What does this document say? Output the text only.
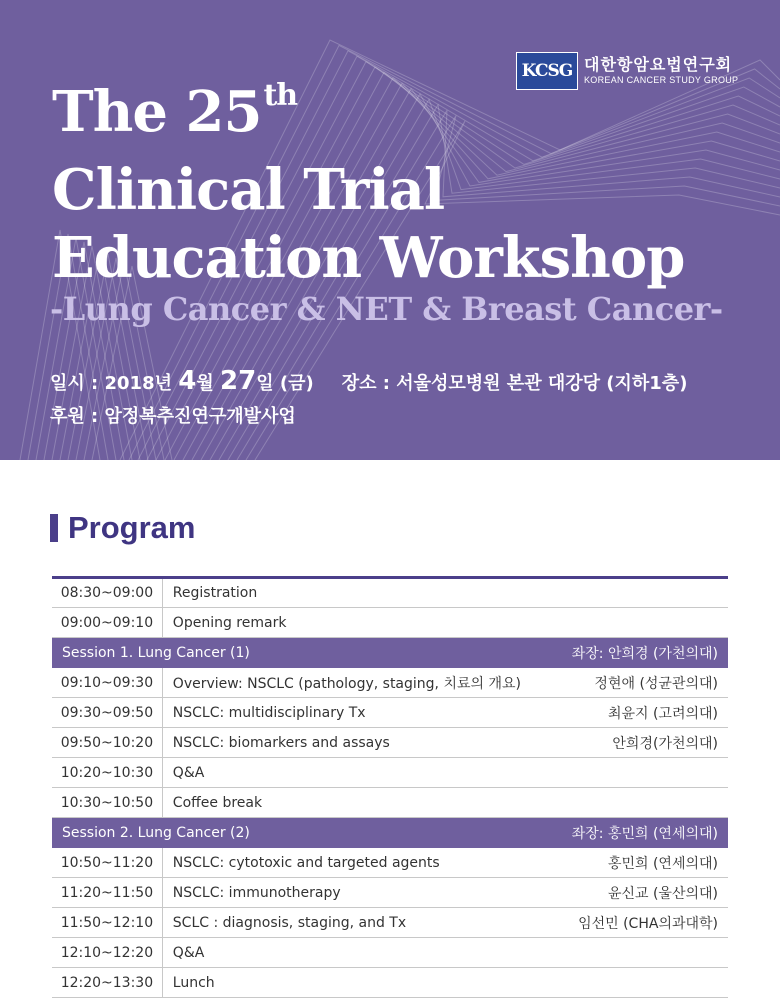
KCSG 대한항암요법연구회
KOREAN CANCER STUDY GROUP
The 25th
Clinical Trial
Education Workshop
-Lung Cancer & NET & Breast Cancer-
일시 : 2018년 4월 27일 (금) 장소 : 서울성모병원 본관 대강당 (지하1층)
후원 : 암정복추진연구개발사업
Program
08:30~09:00	Registration	
09:00~09:10	Opening remark	
Session 1. Lung Cancer (1)		좌장: 안희경 (가천의대)
09:10~09:30	Overview: NSCLC (pathology, staging, 치료의 개요)	정현애 (성균관의대)
09:30~09:50	NSCLC: multidisciplinary Tx	최윤지 (고려의대)
09:50~10:20	NSCLC: biomarkers and assays	안희경(가천의대)
10:20~10:30	Q&A	
10:30~10:50	Coffee break	
Session 2. Lung Cancer (2)		좌장: 홍민희 (연세의대)
10:50~11:20	NSCLC: cytotoxic and targeted agents	홍민희 (연세의대)
11:20~11:50	NSCLC: immunotherapy	윤신교 (울산의대)
11:50~12:10	SCLC : diagnosis, staging, and Tx	임선민 (CHA의과대학)
12:10~12:20	Q&A	
12:20~13:30	Lunch	
